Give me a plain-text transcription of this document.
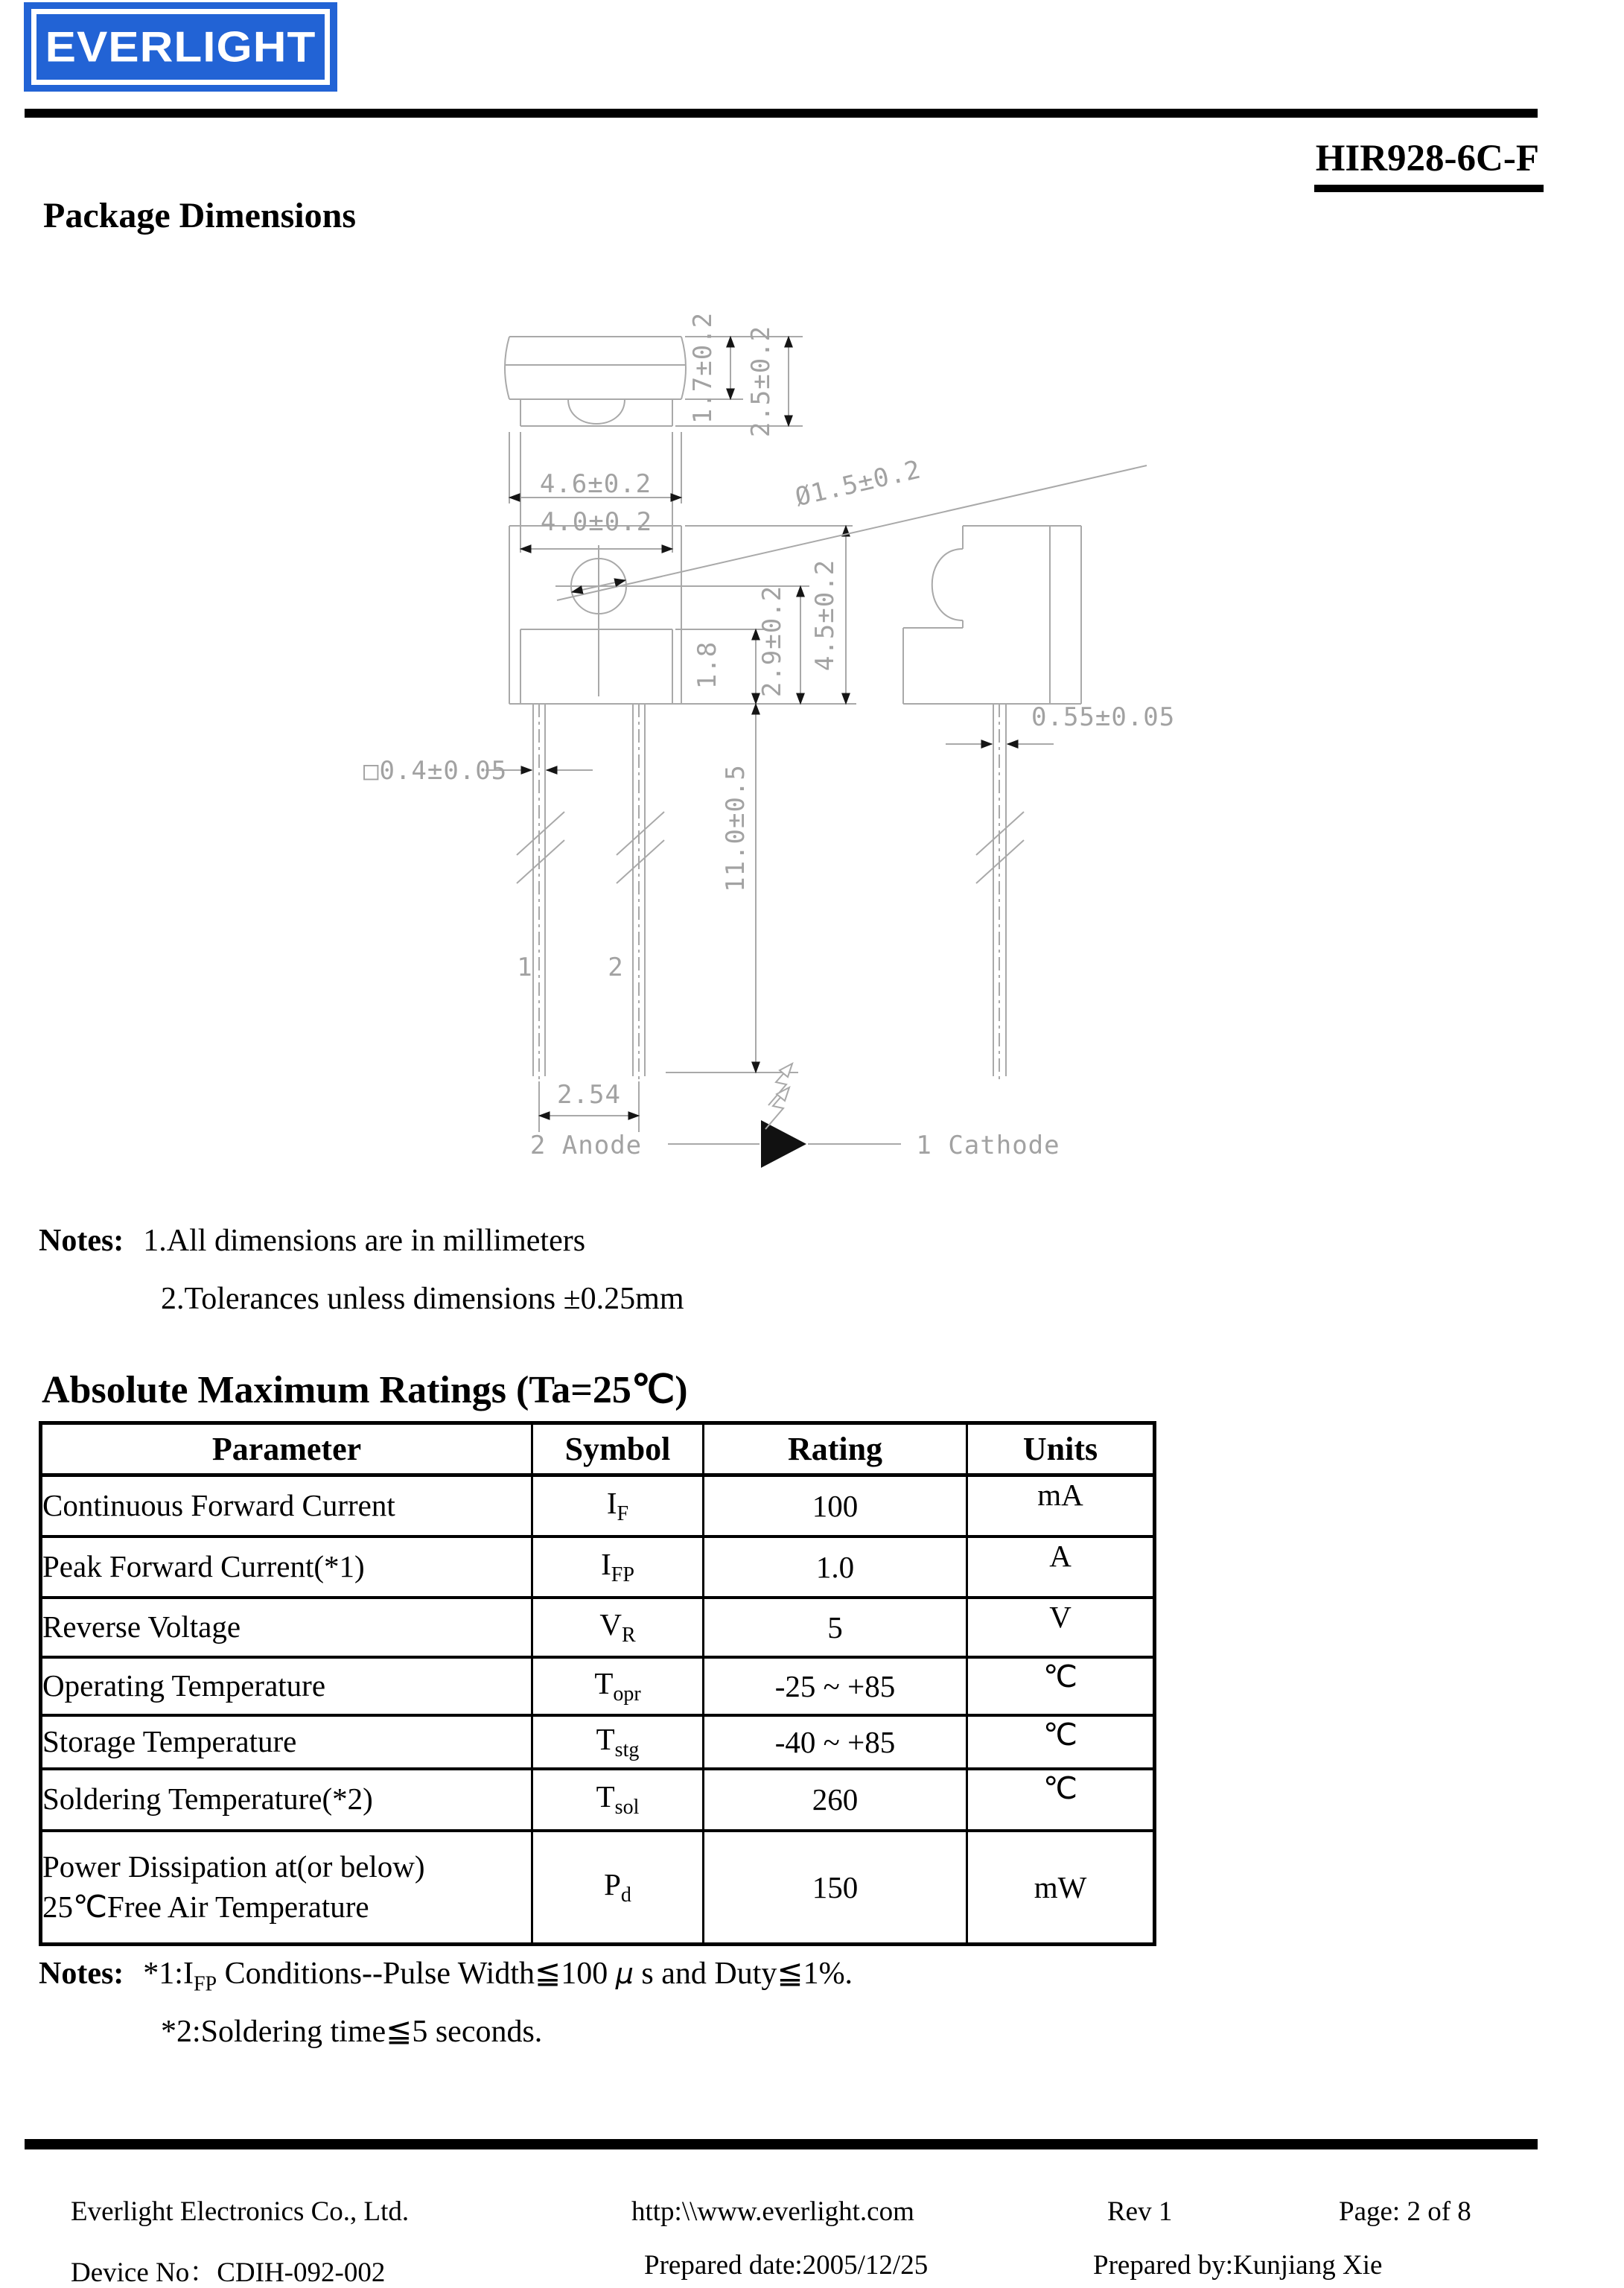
EVERLIGHT
HIR928-6C-F
Package Dimensions
4.6±0.2
4.0±0.2
1.7±0.2 2.5±0.2
Ø1.5±0.2
1.8 2.9±0.2 4.5±0.2
□0.4±0.05
0.55±0.05
11.0±0.5
2.54
1	2
2 Anode	1 Cathode
Notes: 1.All dimensions are in millimeters
2.Tolerances unless dimensions ±0.25mm
Absolute Maximum Ratings (Ta=25℃)
Parameter	Symbol	Rating	Units
Continuous Forward Current	$I_F$	100	mA
Peak Forward Current(*1)	$I_{FP}$	1.0	A
Reverse Voltage	$V_R$	5	V
Operating Temperature	$T_{opr}$	-25 ~ +85	℃
Storage Temperature	$T_{stg}$	-40 ~ +85	℃
Soldering Temperature(*2)	$T_{sol}$	260	℃

Power Dissipation at(or below)
25℃Free Air Temperature	$P_d$	150	mW
Notes: $*1:I_{FP}$ Conditions--Pulse Width≦100 μ s and Duty≦1%.
*2:Soldering time≦5 seconds.
Everlight Electronics Co., Ltd.	http:\\www.everlight.com	Rev 1	Page: 2 of 8
Device No：CDIH-092-002	Prepared date:2005/12/25	Prepared by:Kunjiang Xie
